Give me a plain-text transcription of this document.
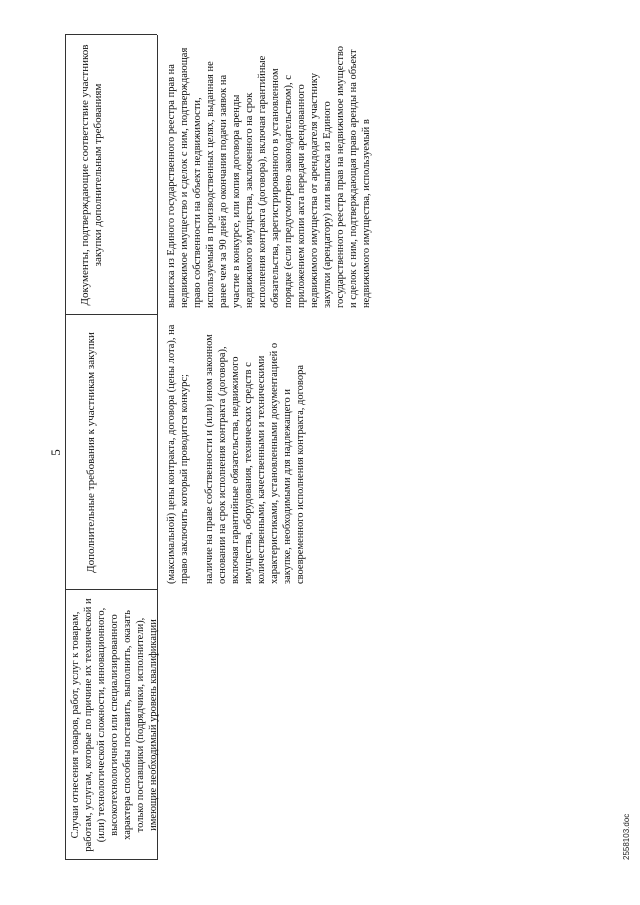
5
Случаи отнесения товаров, работ, услуг к товарам, работам, услугам, которые по причине их технической и (или) технологической сложности, инновационного, высокотехнологичного или специализированного характера способны поставить, выполнить, оказать только поставщики (подрядчики, исполнители), имеющие необходимый уровень квалификации
Дополнительные требования к участникам закупки
Документы, подтверждающие соответствие участников закупки дополнительным требованиям

(максимальной) цены контракта, договора (цены лота), на право заключить который проводится конкурс; наличие на праве собственности и (или) ином законном основании на срок исполнения контракта (договора), включая гарантийные обязательства, недвижимого имущества, оборудования, технических средств с количественными, качественными и техническими характеристиками, установленными документацией о закупке, необходимыми для надлежащего и своевременного исполнения контракта, договора

выписка из Единого государственного реестра прав на недвижимое имущество и сделок с ним, подтверждающая право собственности на объект недвижимости, используемый в производственных целях, выданная не ранее чем за 90 дней до окончания подачи заявок на участие в конкурсе, или копия договора аренды недвижимого имущества, заключенного на срок исполнения контракта (договора), включая гарантийные обязательства, зарегистрированного в установленном порядке (если предусмотрено законодательством), с приложением копии акта передачи арендованного недвижимого имущества от арендодателя участнику закупки (арендатору) или выписка из Единого государственного реестра прав на недвижимое имущество и сделок с ним, подтверждающая право аренды на объект недвижимого имущества, используемый в

2558103.doc
